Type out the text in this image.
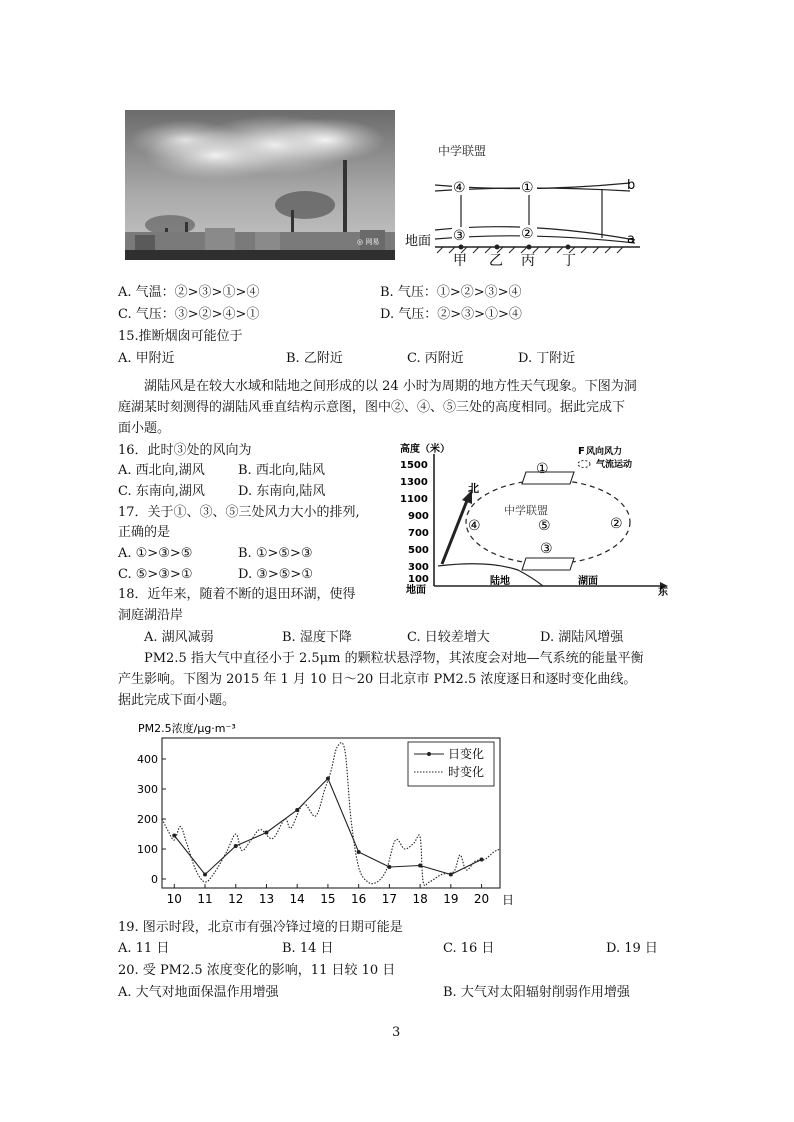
◎ 网易
中学联盟
④	①
③	②
b
a
地面
甲 乙 丙 丁
A. 气温：②>③>①>④	B. 气压：①>②>③>④
C. 气压：③>②>④>①	D. 气压：②>③>①>④
15.推断烟囱可能位于
A. 甲附近	B. 乙附近	C. 丙附近	D. 丁附近
湖陆风是在较大水域和陆地之间形成的以 24 小时为周期的地方性天气现象。下图为洞
庭湖某时刻测得的湖陆风垂直结构示意图，图中②、④、⑤三处的高度相同。据此完成下
面小题。
16．此时③处的风向为
A. 西北向,湖风	B. 西北向,陆风
C. 东南向,湖风	D. 东南向,陆风
17．关于①、③、⑤三处风力大小的排列,
正确的是
A. ①>③>⑤	B. ①>⑤>③
C. ⑤>③>①	D. ③>⑤>①
18．近年来，随着不断的退田环湖，使得
洞庭湖沿岸
A. 湖风减弱	B. 湿度下降	C. 日较差增大	D. 湖陆风增强
高度（米）
东
1500
1300
1100
900
700
500
300
100
地面
陆地	湖面
北
①
②
③
④	⑤
中学联盟
F 风向风力
气流运动
PM2.5 指大气中直径小于 2.5μm 的颗粒状悬浮物，其浓度会对地—气系统的能量平衡
产生影响。下图为 2015 年 1 月 10 日～20 日北京市 PM2.5 浓度逐日和逐时变化曲线。
据此完成下面小题。
PM2.5浓度/μg·m⁻³
0
100
200
300
400
10 11 12 13 14 15 16 17 18 19 20 日
日变化
时变化
19. 图示时段，北京市有强冷锋过境的日期可能是
A. 11 日	B. 14 日	C. 16 日	D. 19 日
20. 受 PM2.5 浓度变化的影响，11 日较 10 日
A. 大气对地面保温作用增强	B. 大气对太阳辐射削弱作用增强
3
